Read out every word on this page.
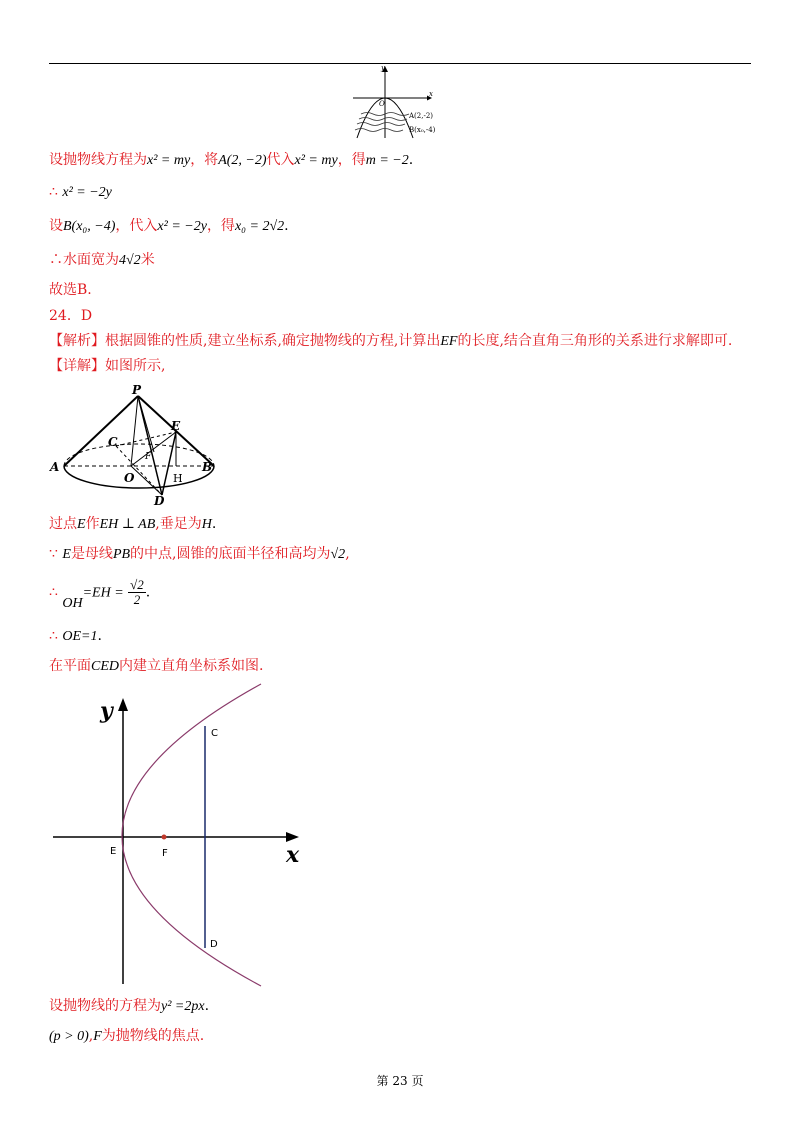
y
x
O
A(2,-2)
B(x₀,-4)
设抛物线方程为x² = my，将A(2, −2)代入x² = my，得m = −2.
∴ x² = −2y
设B(x₀, −4)，代入x² = −2y，得x₀ = 2√2.
∴水面宽为4√2米
故选B.
24．D
【解析】根据圆锥的性质,建立坐标系,确定抛物线的方程,计算出EF的长度,结合直角三角形的关系进行求解即可.
【详解】如图所示,
P
E
C
F
A
O	H
B
D
过点E作EH ⊥ AB,垂足为H.
∵ E是母线PB的中点,圆锥的底面半径和高均为√2,
∴ $OH=EH = \frac{√2}{2}$ .
∴ OE=1.
在平面CED内建立直角坐标系如图.
y
x
C
E	F
D
设抛物线的方程为y² =2px.
(p > 0),F为抛物线的焦点.
第 23 页
